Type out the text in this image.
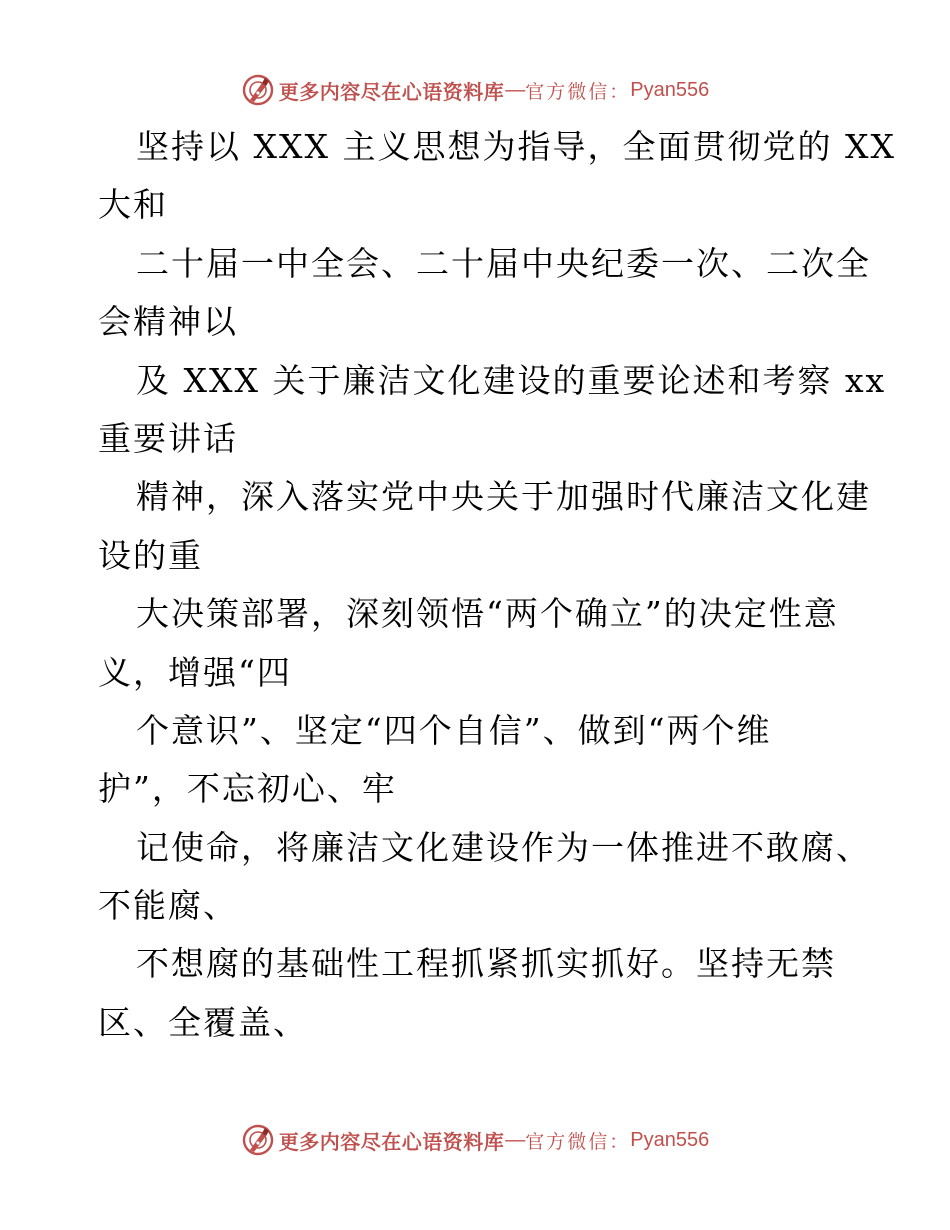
更多内容尽在心语资料库 — 官方微信： Pyan556
坚持以 XXX 主义思想为指导，全面贯彻党的 XX
大和
二十届一中全会、二十届中央纪委一次、二次全
会精神以
及 XXX 关于廉洁文化建设的重要论述和考察 xx
重要讲话
精神，深入落实党中央关于加强时代廉洁文化建
设的重
大决策部署，深刻领悟“两个确立”的决定性意
义，增强“四
个意识”、坚定“四个自信”、做到“两个维
护”，不忘初心、牢
记使命，将廉洁文化建设作为一体推进不敢腐、
不能腐、
不想腐的基础性工程抓紧抓实抓好。坚持无禁
区、全覆盖、
更多内容尽在心语资料库 — 官方微信： Pyan556
